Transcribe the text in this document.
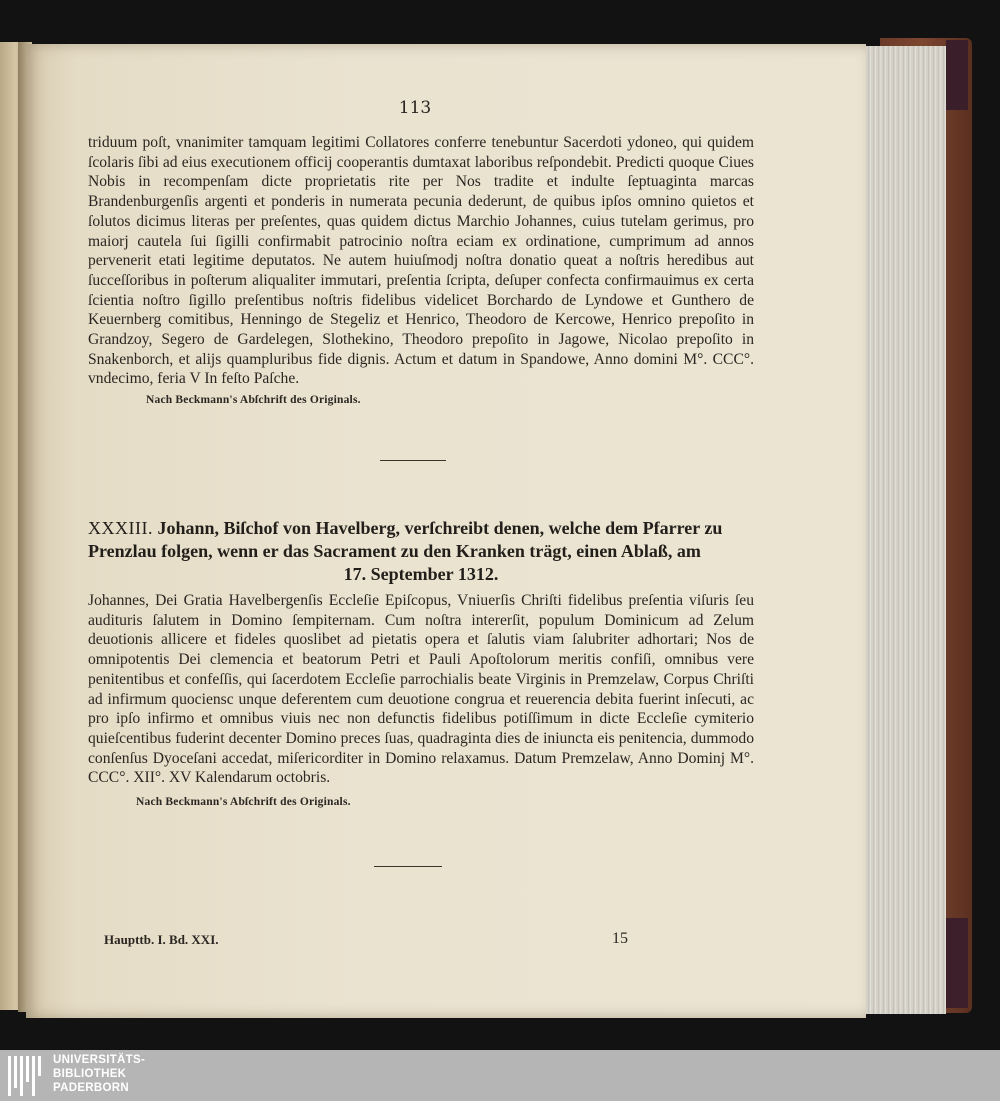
113
triduum poſt, vnanimiter tamquam legitimi Collatores conferre tenebuntur Sacerdoti ydoneo, qui quidem ſcolaris ſibi ad eius executionem officij cooperantis dumtaxat laboribus reſpondebit. Predicti quoque Ciues Nobis in recompenſam dicte proprietatis rite per Nos tradite et indulte ſeptuaginta marcas Brandenburgenſis argenti et ponderis in numerata pecunia dederunt, de quibus ipſos omnino quietos et ſolutos dicimus literas per preſentes, quas quidem dictus Marchio Johannes, cuius tutelam gerimus, pro maiorj cautela ſui ſigilli confirmabit patrocinio noſtra eciam ex ordinatione, cumprimum ad annos pervenerit etati legitime deputatos. Ne autem huiuſmodj noſtra donatio queat a noſtris heredibus aut ſucceſſoribus in poſterum aliqualiter immutari, preſentia ſcripta, deſuper confecta confirmauimus ex certa ſcientia noſtro ſigillo preſentibus noſtris fidelibus videlicet Borchardo de Lyndowe et Gunthero de Keuernberg comitibus, Henningo de Stegeliz et Henrico, Theodoro de Kercowe, Henrico prepoſito in Grandzoy, Segero de Gardelegen, Slothekino, Theodoro prepoſito in Jagowe, Nicolao prepoſito in Snakenborch, et alijs quampluribus fide dignis. Actum et datum in Spandowe, Anno domini M°. CCC°. vndecimo, feria V In feſto Paſche.
Nach Beckmann's Abſchrift des Originals.
XXXIII. Johann, Biſchof von Havelberg, verſchreibt denen, welche dem Pfarrer zu Prenzlau folgen, wenn er das Sacrament zu den Kranken trägt, einen Ablaß, am
17. September 1312.
Johannes, Dei Gratia Havelbergenſis Eccleſie Epiſcopus, Vniuerſis Chriſti fidelibus preſentia viſuris ſeu audituris ſalutem in Domino ſempiternam. Cum noſtra intererſit, populum Dominicum ad Zelum deuotionis allicere et fideles quoslibet ad pietatis opera et ſalutis viam ſalubriter adhortari; Nos de omnipotentis Dei clemencia et beatorum Petri et Pauli Apoſtolorum meritis confiſi, omnibus vere penitentibus et confeſſis, qui ſacerdotem Eccleſie parrochialis beate Virginis in Premzelaw, Corpus Chriſti ad infirmum quociensc unque deferentem cum deuotione congrua et reuerencia debita fuerint inſecuti, ac pro ipſo infirmo et omnibus viuis nec non defunctis fidelibus potiſſimum in dicte Eccleſie cymiterio quieſcentibus fuderint decenter Domino preces ſuas, quadraginta dies de iniuncta eis penitencia, dummodo conſenſus Dyoceſani accedat, miſericorditer in Domino relaxamus. Datum Premzelaw, Anno Dominj M°. CCC°. XII°. XV Kalendarum octobris.
Nach Beckmann's Abſchrift des Originals.
Haupttb. I. Bd. XXI.	15
UNIVERSITÄTS-
BIBLIOTHEK
PADERBORN
